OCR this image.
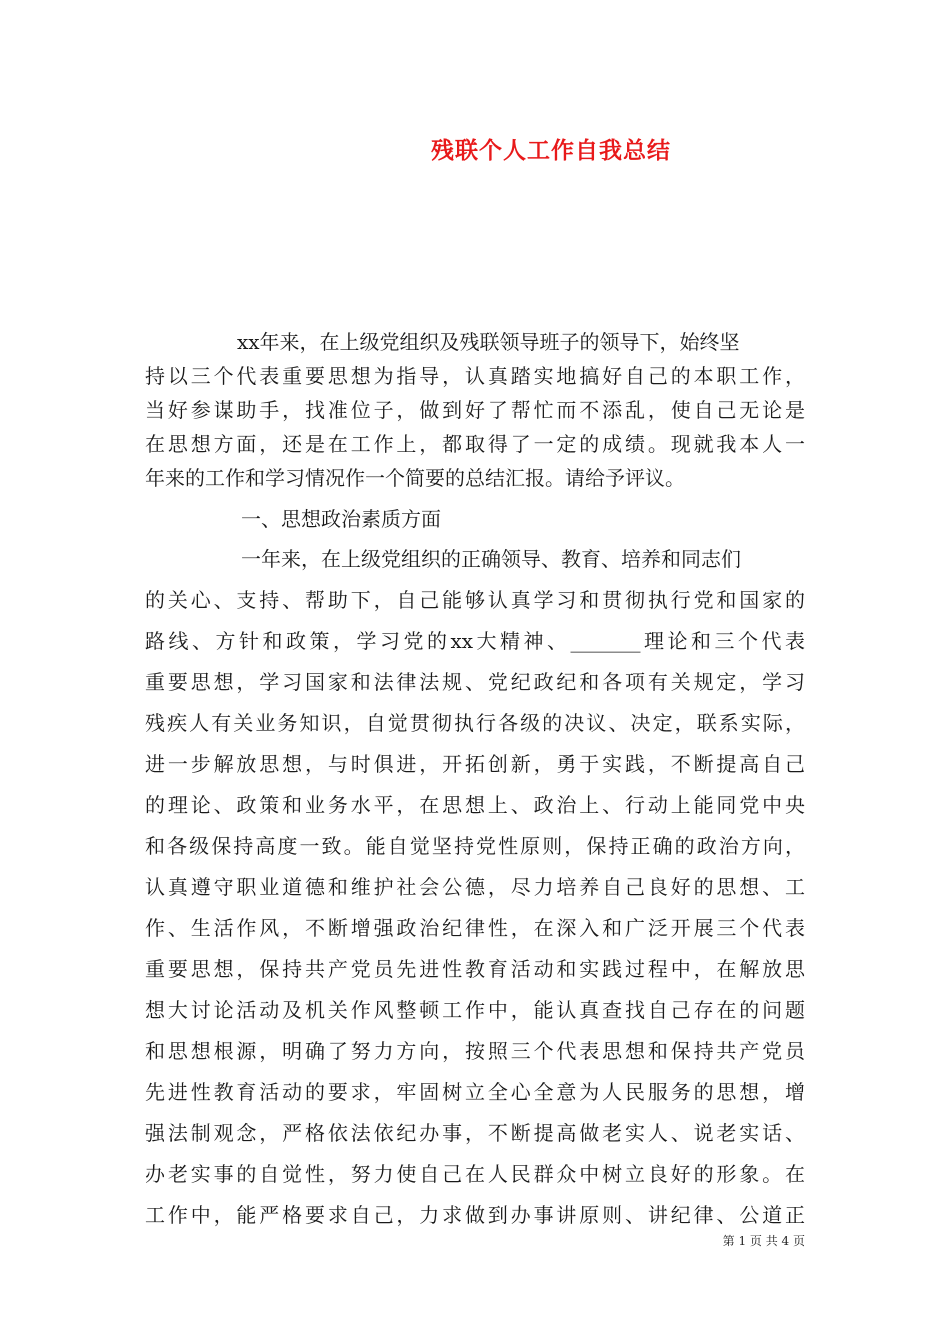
残联个人工作自我总结

xx年来，在上级党组织及残联领导班子的领导下，始终坚

持以三个代表重要思想为指导，认真踏实地搞好自己的本职工作，

当好参谋助手，找准位子，做到好了帮忙而不添乱，使自己无论是

在思想方面，还是在工作上，都取得了一定的成绩。现就我本人一

年来的工作和学习情况作一个简要的总结汇报。请给予评议。

一、思想政治素质方面

一年来，在上级党组织的正确领导、教育、培养和同志们

的关心、支持、帮助下，自己能够认真学习和贯彻执行党和国家的

路线、方针和政策，学习党的xx大精神、_______理论和三个代表

重要思想，学习国家和法律法规、党纪政纪和各项有关规定，学习

残疾人有关业务知识，自觉贯彻执行各级的决议、决定，联系实际，

进一步解放思想，与时俱进，开拓创新，勇于实践，不断提高自己

的理论、政策和业务水平，在思想上、政治上、行动上能同党中央

和各级保持高度一致。能自觉坚持党性原则，保持正确的政治方向，

认真遵守职业道德和维护社会公德，尽力培养自己良好的思想、工

作、生活作风，不断增强政治纪律性，在深入和广泛开展三个代表

重要思想，保持共产党员先进性教育活动和实践过程中，在解放思

想大讨论活动及机关作风整顿工作中，能认真查找自己存在的问题

和思想根源，明确了努力方向，按照三个代表思想和保持共产党员

先进性教育活动的要求，牢固树立全心全意为人民服务的思想，增

强法制观念，严格依法依纪办事，不断提高做老实人、说老实话、

办老实事的自觉性，努力使自己在人民群众中树立良好的形象。在

工作中，能严格要求自己，力求做到办事讲原则、讲纪律、公道正

第 1 页 共 4 页
